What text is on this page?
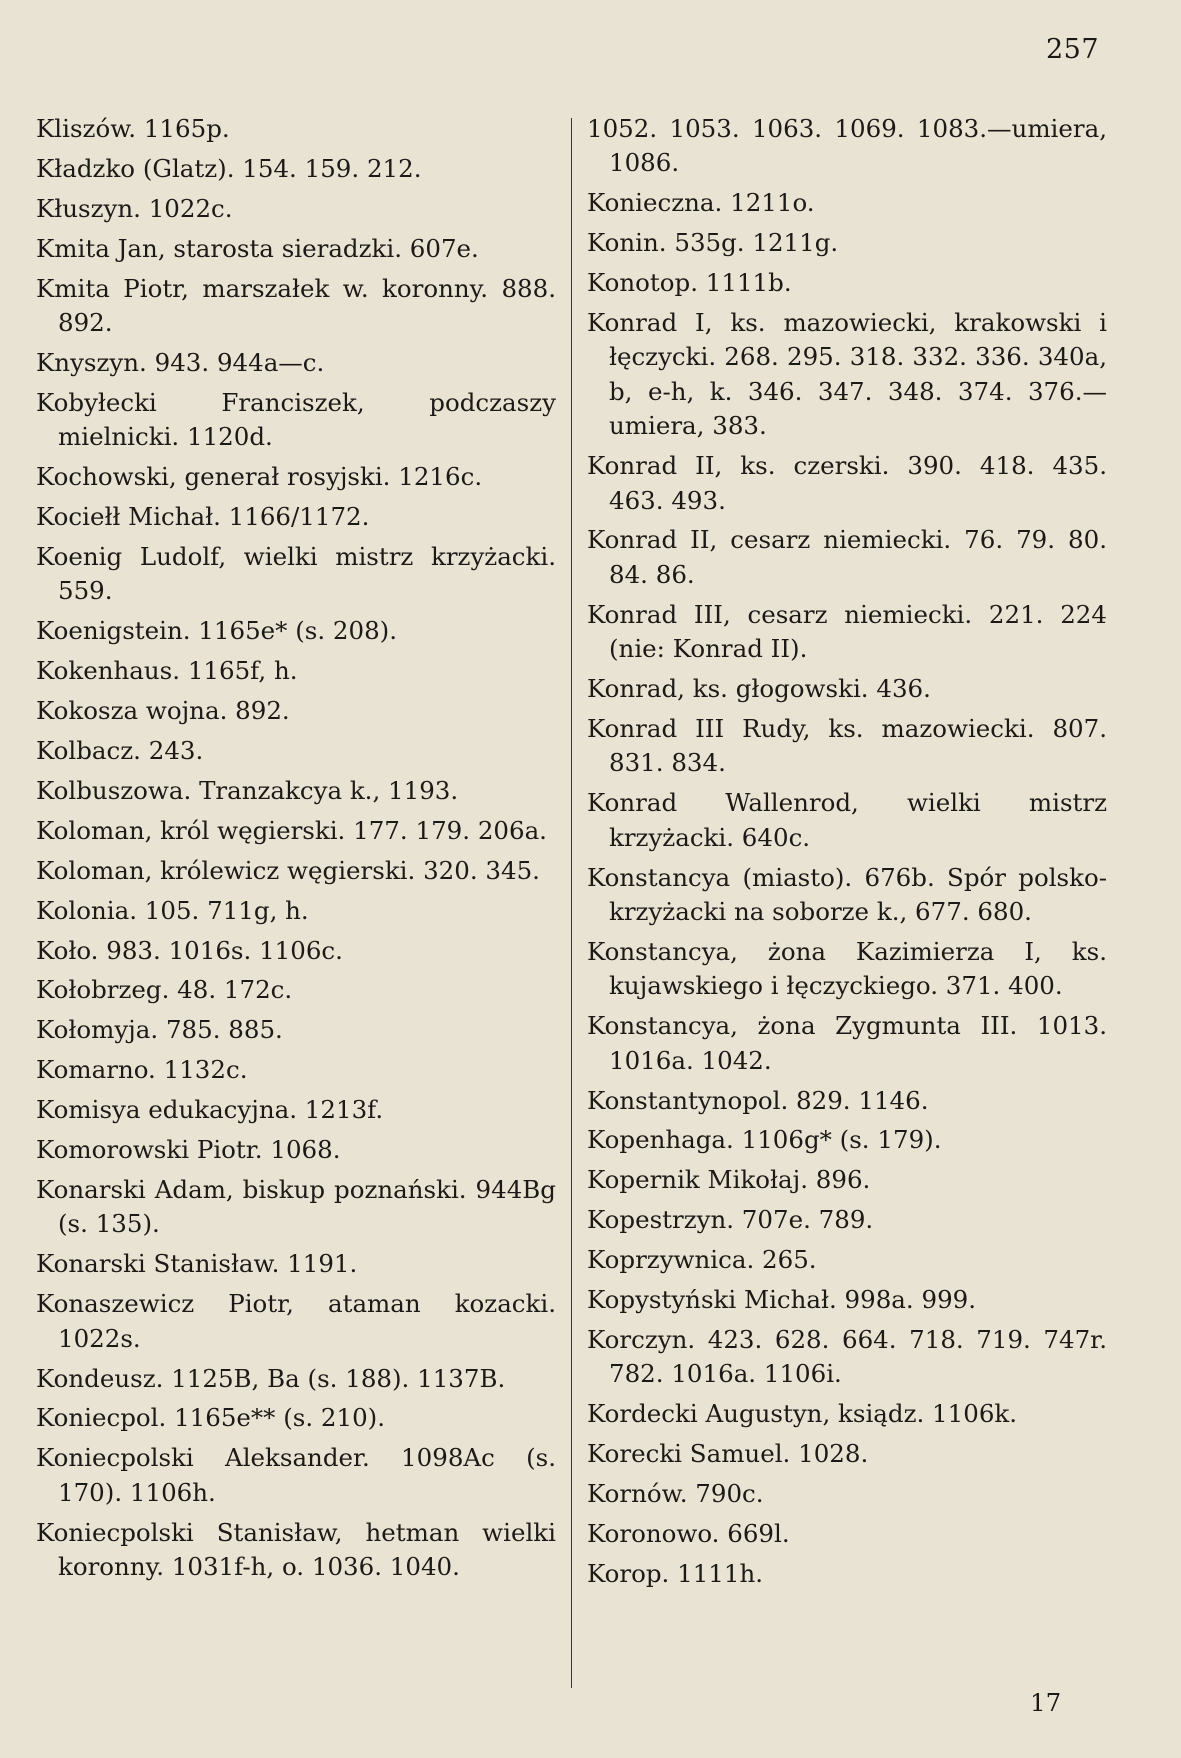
257

Kliszów. 1165p.

Kładzko (Glatz). 154. 159. 212.

Kłuszyn. 1022c.

Kmita Jan, starosta sieradzki. 607e.

Kmita Piotr, marszałek w. koronny. 888. 892.

Knyszyn. 943. 944a—c.

Kobyłecki Franciszek, podczaszy mielnicki. 1120d.

Kochowski, generał rosyjski. 1216c.

Kociełł Michał. 1166/1172.

Koenig Ludolf, wielki mistrz krzyżacki. 559.

Koenigstein. 1165e* (s. 208).

Kokenhaus. 1165f, h.

Kokosza wojna. 892.

Kolbacz. 243.

Kolbuszowa. Tranzakcya k., 1193.

Koloman, król węgierski. 177. 179. 206a.

Koloman, królewicz węgierski. 320. 345.

Kolonia. 105. 711g, h.

Koło. 983. 1016s. 1106c.

Kołobrzeg. 48. 172c.

Kołomyja. 785. 885.

Komarno. 1132c.

Komisya edukacyjna. 1213f.

Komorowski Piotr. 1068.

Konarski Adam, biskup poznański. 944Bg (s. 135).

Konarski Stanisław. 1191.

Konaszewicz Piotr, ataman kozacki. 1022s.

Kondeusz. 1125B, Ba (s. 188). 1137B.

Koniecpol. 1165e** (s. 210).

Koniecpolski Aleksander. 1098Ac (s. 170). 1106h.

Koniecpolski Stanisław, hetman wielki koronny. 1031f-h, o. 1036. 1040.

1052. 1053. 1063. 1069. 1083.—umiera, 1086.

Konieczna. 1211o.

Konin. 535g. 1211g.

Konotop. 1111b.

Konrad I, ks. mazowiecki, krakowski i łęczycki. 268. 295. 318. 332. 336. 340a, b, e-h, k. 346. 347. 348. 374. 376.—umiera, 383.

Konrad II, ks. czerski. 390. 418. 435. 463. 493.

Konrad II, cesarz niemiecki. 76. 79. 80. 84. 86.

Konrad III, cesarz niemiecki. 221. 224 (nie: Konrad II).

Konrad, ks. głogowski. 436.

Konrad III Rudy, ks. mazowiecki. 807. 831. 834.

Konrad Wallenrod, wielki mistrz krzyżacki. 640c.

Konstancya (miasto). 676b. Spór polsko-krzyżacki na soborze k., 677. 680.

Konstancya, żona Kazimierza I, ks. kujawskiego i łęczyckiego. 371. 400.

Konstancya, żona Zygmunta III. 1013. 1016a. 1042.

Konstantynopol. 829. 1146.

Kopenhaga. 1106g* (s. 179).

Kopernik Mikołaj. 896.

Kopestrzyn. 707e. 789.

Koprzywnica. 265.

Kopystyński Michał. 998a. 999.

Korczyn. 423. 628. 664. 718. 719. 747r. 782. 1016a. 1106i.

Kordecki Augustyn, ksiądz. 1106k.

Korecki Samuel. 1028.

Kornów. 790c.

Koronowo. 669l.

Korop. 1111h.

17
